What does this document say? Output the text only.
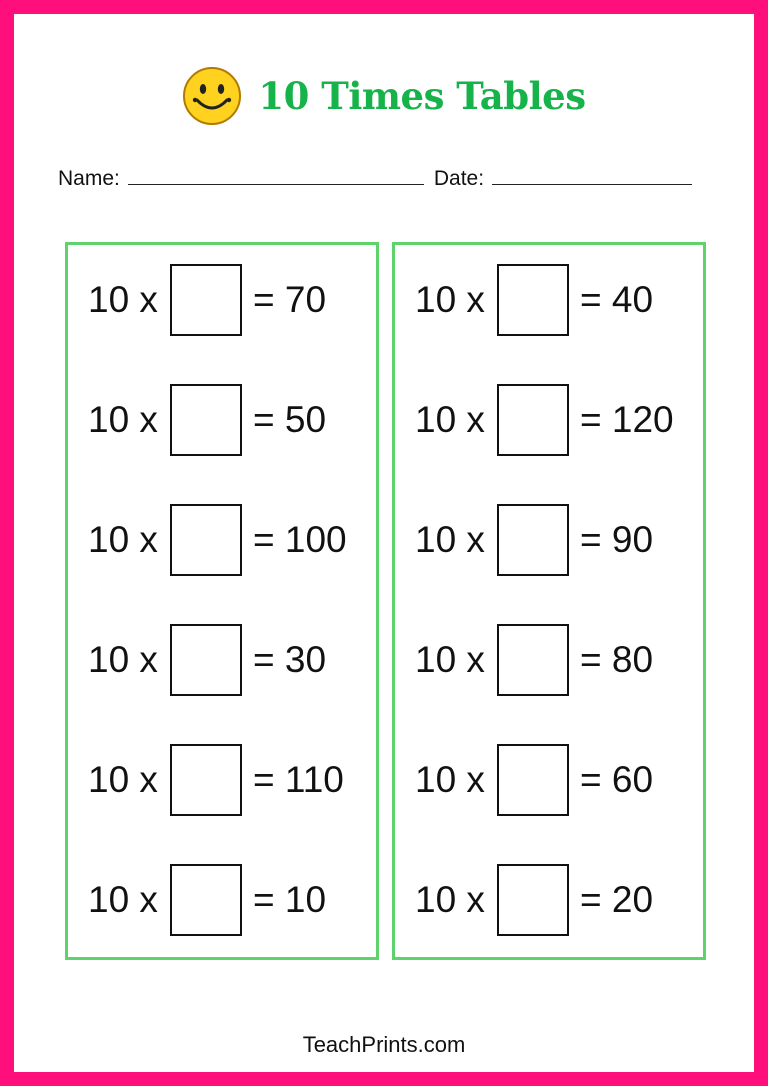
10 Times Tables
Name:	Date:
10 x	= 70
10 x	= 50
10 x	= 100
10 x	= 30
10 x	= 110
10 x	= 10
10 x	= 40
10 x	= 120
10 x	= 90
10 x	= 80
10 x	= 60
10 x	= 20
TeachPrints.com
